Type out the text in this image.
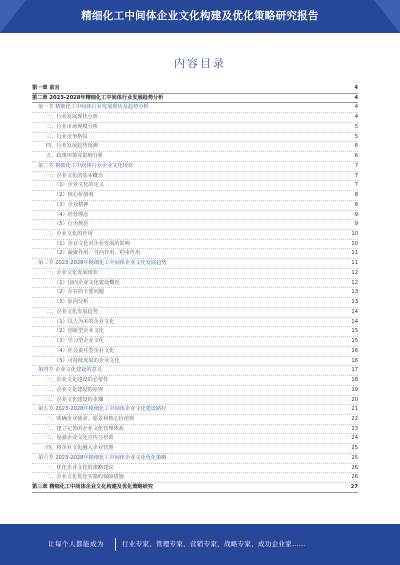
精细化工中间体企业文化构建及优化策略研究报告
内容目录
第一章 前言	4
第二章 2023-2028年精细化工中间体行业发展趋势分析	4
第一节 精细化工中间体行业发展现状及趋势分析	4
一、行业发展现状分析	4
二、行业市场规模分析	5
三、行业竞争格局	5
四、行业发展趋势预测	6
五、政策环境及影响分析	6
第二节 精细化工中间体行业企业文化现状	7
一、企业文化的基本概念	7
（1）企业文化的定义	7
（2）核心价值观	8
（3）企业精神	8
（4）经营理念	9
（5）行为规范	9
二、企业文化的作用	10
（1）企业文化对企业发展的影响	10
（2）凝聚作用、导向作用、约束作用	11
第三节 2023-2028年精细化工中间体企业文化发展趋势	11
一、企业文化发展现状	12
（1）国内企业文化建设概况	12
（2）存在的主要问题	13
（3）原因分析	13
二、企业文化发展趋势	14
（1）以人为本的企业文化	14
（2）创新型企业文化	15
（3）学习型企业文化	15
（4）社会责任型企业文化	16
（5）可持续发展的企业文化	16
第四节 企业文化建设的意义	17
一、企业文化建设的必要性	18
二、企业文化建设的原则	19
三、企业文化建设的步骤	20
第五节 2023-2028年精细化工中间体企业文化建设路径	21
一、明确企业使命、愿景和核心价值观	22
二、建立完善的企业文化管理体系	23
三、加强企业文化宣传与培训	24
四、将企业文化融入企业管理	25
第六节 2023-2028年精细化工中间体企业文化优化策略	25
一、优化企业文化的策略建议	26
二、企业文化优化实施的保障措施	26
第三章 精细化工中间体企业文化构建及优化策略研究	27
让每个人都能成为	行业专家、管理专家、营销专家、战略专家、成功企业家……
